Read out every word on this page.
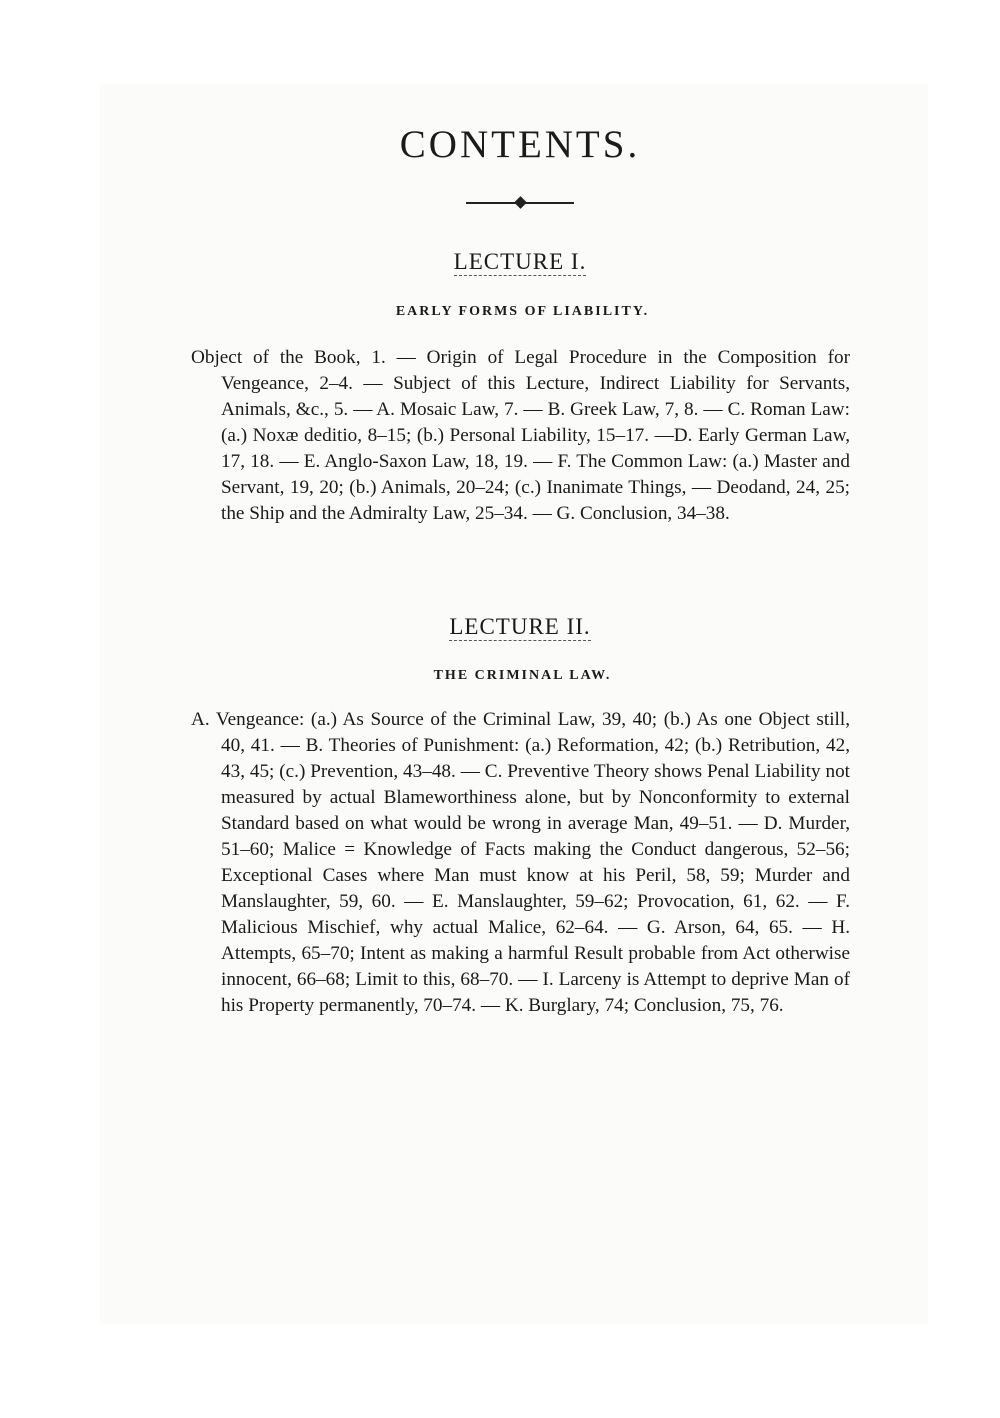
CONTENTS.
LECTURE I.
EARLY FORMS OF LIABILITY.
Object of the Book, 1. — Origin of Legal Procedure in the Composition for Vengeance, 2–4. — Subject of this Lecture, Indirect Liability for Servants, Animals, &c., 5. — A. Mosaic Law, 7. — B. Greek Law, 7, 8. — C. Roman Law: (a.) Noxæ deditio, 8–15; (b.) Personal Liability, 15–17. —D. Early German Law, 17, 18. — E. Anglo-Saxon Law, 18, 19. — F. The Common Law: (a.) Master and Servant, 19, 20; (b.) Animals, 20–24; (c.) Inanimate Things, — Deodand, 24, 25; the Ship and the Admiralty Law, 25–34. — G. Conclusion, 34–38.
LECTURE II.
THE CRIMINAL LAW.
A. Vengeance: (a.) As Source of the Criminal Law, 39, 40; (b.) As one Object still, 40, 41. — B. Theories of Punishment: (a.) Reformation, 42; (b.) Retribution, 42, 43, 45; (c.) Prevention, 43–48. — C. Preventive Theory shows Penal Liability not measured by actual Blameworthiness alone, but by Nonconformity to external Standard based on what would be wrong in average Man, 49–51. — D. Murder, 51–60; Malice = Knowledge of Facts making the Conduct dangerous, 52–56; Exceptional Cases where Man must know at his Peril, 58, 59; Murder and Manslaughter, 59, 60. — E. Manslaughter, 59–62; Provocation, 61, 62. — F. Malicious Mischief, why actual Malice, 62–64. — G. Arson, 64, 65. — H. Attempts, 65–70; Intent as making a harmful Result probable from Act otherwise innocent, 66–68; Limit to this, 68–70. — I. Larceny is Attempt to deprive Man of his Property permanently, 70–74. — K. Burglary, 74; Conclusion, 75, 76.
